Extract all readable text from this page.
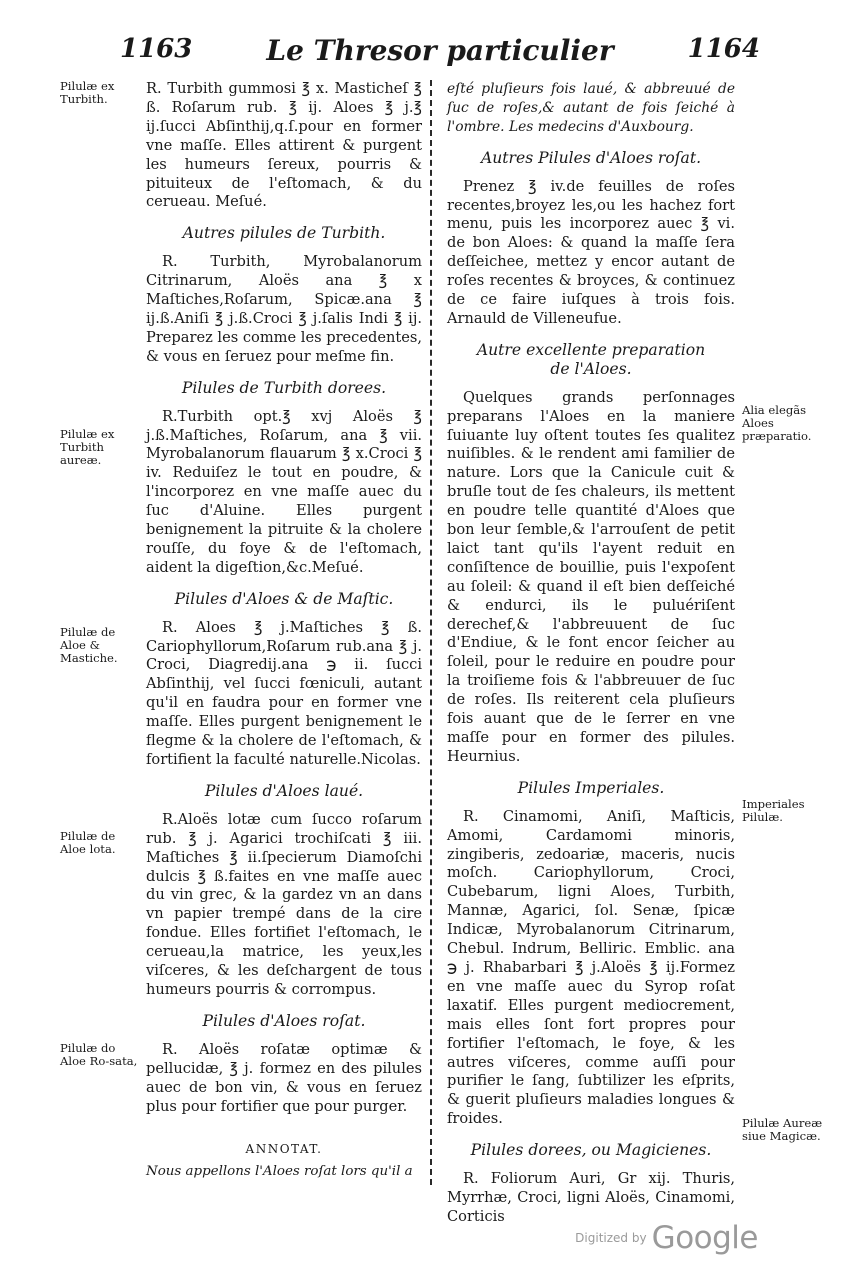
1163	Le Thresor particulier	1164
Pilulæ ex Turbith.
Pilulæ ex Turbith aureæ.
Pilulæ de Aloe & Mastiche.
Pilulæ de Aloe lota.
Pilulæ do Aloe Ro-sata,
Alia elegãs Aloes præparatio.
Imperiales Pilulæ.
Pilulæ Aureæ siue Magicæ.

R. Turbith gummosi ℥ x. Masticheſ ℥ ß. Roſarum rub. ℥ ij. Aloes ℥ j.℥ ij.ſucci Abſinthij,q.ſ.pour en former vne maſſe. Elles attirent & purgent les humeurs ſereux, pourris & pituiteux de l'eſtomach, & du cerueau. Meſué.

Autres pilules de Turbith.

R. Turbith, Myrobalanorum Citrinarum, Aloës ana ℥ x Maſtiches,Roſarum, Spicæ.ana ℥ ij.ß.Aniſi ℥ j.ß.Croci ℥ j.ſalis Indi ℥ ij. Preparez les comme les precedentes, & vous en ſeruez pour meſme fin.

Pilules de Turbith dorees.

R.Turbith opt.℥ xvj Aloës ℥ j.ß.Maſtiches, Roſarum, ana ℥ vii. Myrobalanorum flauarum ℥ x.Croci ℥ iv. Reduiſez le tout en poudre, & l'incorporez en vne maſſe auec du ſuc d'Aluine. Elles purgent benignement la pitruite & la cholere rouſſe, du foye & de l'eſtomach, aident la digeſtion,&c.Meſué.

Pilules d'Aloes & de Maſtic.

R. Aloes ℥ j.Maſtiches ℥ ß. Cariophyllorum,Roſarum rub.ana ℥ j. Croci, Diagredij.ana ℈ ii. ſucci Abſinthij, vel ſucci fœniculi, autant qu'il en faudra pour en former vne maſſe. Elles purgent benignement le flegme & la cholere de l'eſtomach, & fortifient la faculté naturelle.Nicolas.

Pilules d'Aloes laué.

R.Aloës lotæ cum ſucco roſarum rub. ℥ j. Agarici trochiſcati ℥ iii. Maſtiches ℥ ii.ſpecierum Diamoſchi dulcis ℥ ß.faites en vne maſſe auec du vin grec, & la gardez vn an dans vn papier trempé dans de la cire fondue. Elles fortifiet l'eſtomach, le cerueau,la matrice, les yeux,les viſceres, & les deſchargent de tous humeurs pourris & corrompus.

Pilules d'Aloes roſat.

R. Aloës roſatæ optimæ & pellucidæ, ℥ j. formez en des pilules auec de bon vin, & vous en ſeruez plus pour fortifier que pour purger.

ANNOTAT.

Nous appellons l'Aloes roſat lors qu'il a

eſté pluſieurs fois laué, & abbreuué de ſuc de roſes,& autant de fois ſeiché à l'ombre. Les medecins d'Auxbourg.

Autres Pilules d'Aloes roſat.

Prenez ℥ iv.de feuilles de roſes recentes,broyez les,ou les hachez fort menu, puis les incorporez auec ℥ vi. de bon Aloes: & quand la maſſe ſera deſſeichee, mettez y encor autant de roſes recentes & broyces, & continuez de ce faire iuſques à trois fois. Arnauld de Villeneufue.

Autre excellente preparation
de l'Aloes.

Quelques grands perſonnages preparans l'Aloes en la maniere ſuiuante luy oſtent toutes ſes qualitez nuiſibles. & le rendent ami familier de nature. Lors que la Canicule cuit & bruſle tout de ſes chaleurs, ils mettent en poudre telle quantité d'Aloes que bon leur ſemble,& l'arrouſent de petit laict tant qu'ils l'ayent reduit en conſiſtence de bouillie, puis l'expoſent au ſoleil: & quand il eſt bien deſſeiché & endurci, ils le puluériſent derechef,& l'abbreuuent de ſuc d'Endiue, & le font encor ſeicher au ſoleil, pour le reduire en poudre pour la troiſieme fois & l'abbreuuer de ſuc de roſes. Ils reiterent cela pluſieurs fois auant que de le ſerrer en vne maſſe pour en former des pilules. Heurnius.

Pilules Imperiales.

R. Cinamomi, Aniſi, Maſticis, Amomi, Cardamomi minoris, zingiberis, zedoariæ, maceris, nucis moſch. Cariophyllorum, Croci, Cubebarum, ligni Aloes, Turbith, Mannæ, Agarici, ſol. Senæ, ſpicæ Indicæ, Myrobalanorum Citrinarum, Chebul. Indrum, Belliric. Emblic. ana ℈ j. Rhabarbari ℥ j.Aloës ℥ ij.Formez en vne maſſe auec du Syrop roſat laxatif. Elles purgent mediocrement, mais elles ſont fort propres pour fortifier l'eſtomach, le foye, & les autres viſceres, comme auſſi pour purifier le ſang, ſubtilizer les eſprits, & guerit pluſieurs maladies longues & froides.

Pilules dorees, ou Magicienes.

R. Foliorum Auri, Gr xij. Thuris, Myrrhæ, Croci, ligni Aloës, Cinamomi, Corticis

Digitized by Google
